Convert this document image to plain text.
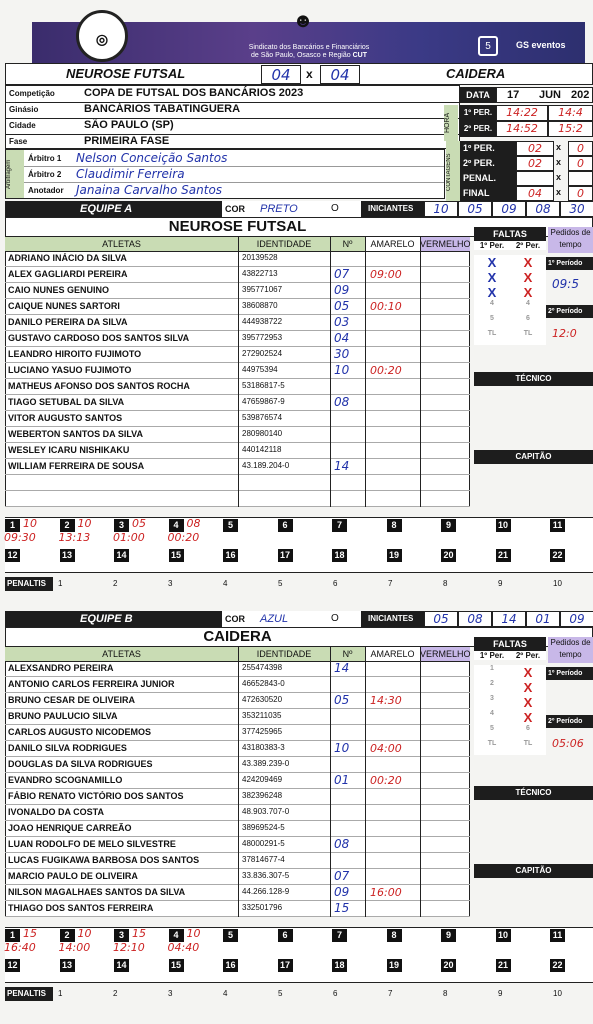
◎
☻
Sindicato dos Bancários e Financiários
de São Paulo, Osasco e Região CUT
5	GS eventos
NEUROSE FUTSAL	04	x	04	CAIDERA
Competição	COPA DE FUTSAL DOS BANCÁRIOS 2023
Ginásio	BANCÁRIOS TABATINGUERA
Cidade	SÃO PAULO (SP)
Fase	PRIMEIRA FASE
DATA	17 JUN 202
HORA
1º PER.	14:22	14:4
2º PER.	14:52	15:2
Arbitragem
Árbitro 1 Nelson Conceição Santos
Árbitro 2 Claudimir Ferreira
Anotador Janaina Carvalho Santos	CONTAGENS
1º PER.	02	x	0
2º PER.	02	x	0
PENAL.	x
FINAL	04	x	0
EQUIPE A	COR	PRETO	O	INICIANTES	10	05	09	08	30
NEUROSE FUTSAL
ATLETAS	IDENTIDADE	Nº	AMARELO VERMELHO
ADRIANO INÁCIO DA SILVA	20139528
ALEX GAGLIARDI PEREIRA	43822713	07 09:00
CAIO NUNES GENUINO	395771067	09
CAIQUE NUNES SARTORI	38608870	05 00:10
DANILO PEREIRA DA SILVA	444938722	03
GUSTAVO CARDOSO DOS SANTOS SILVA	395772953	04
LEANDRO HIROITO FUJIMOTO	272902524	30
LUCIANO YASUO FUJIMOTO	44975394	10 00:20
MATHEUS AFONSO DOS SANTOS ROCHA	53186817-5
TIAGO SETUBAL DA SILVA	47659867-9	08
VITOR AUGUSTO SANTOS	539876574
WEBERTON SANTOS DA SILVA	280980140
WESLEY ICARU NISHIKAKU	440142118
WILLIAM FERREIRA DE SOUSA	43.189.204-0	14
FALTAS
1º Per.	2º Per.
X	X
X	X
X	X
4	4
5	6
TL	TL
Pedidos de tempo
1º Período
09:5
2º Período
12:0
TÉCNICO
CAPITÃO
1 10
09:30
2 10
13:13
3 05
01:00
4 08
00:20
5	6	7	8	9	10	11
12	13	14	15	16	17	18	19	20	21	22
PENALTIS	1	2	3	4	5	6	7	8	9	10
EQUIPE B	COR	AZUL	O	INICIANTES	05	08	14	01	09
CAIDERA
ATLETAS	IDENTIDADE	Nº	AMARELO VERMELHO
ALEXSANDRO PEREIRA	255474398	14
ANTONIO CARLOS FERREIRA JUNIOR	46652843-0
BRUNO CESAR DE OLIVEIRA	472630520	05 14:30
BRUNO PAULUCIO SILVA	353211035
CARLOS AUGUSTO NICODEMOS	377425965
DANILO SILVA RODRIGUES	43180383-3	10 04:00
DOUGLAS DA SILVA RODRIGUES	43.389.239-0
EVANDRO SCOGNAMILLO	424209469	01 00:20
FÁBIO RENATO VICTÓRIO DOS SANTOS	382396248
IVONALDO DA COSTA	48.903.707-0
JOAO HENRIQUE CARREÃO	38969524-5
LUAN RODOLFO DE MELO SILVESTRE	48000291-5	08
LUCAS FUGIKAWA BARBOSA DOS SANTOS	37814677-4
MARCIO PAULO DE OLIVEIRA	33.836.307-5	07
NILSON MAGALHAES SANTOS DA SILVA	44.266.128-9	09 16:00
THIAGO DOS SANTOS FERREIRA	332501796	15
FALTAS
1º Per.	2º Per.
1	X
2	X
3	X
4	X
5	6
TL	TL
Pedidos de tempo
1º Período
2º Período
05:06
TÉCNICO
CAPITÃO
1 15
16:40
2 10
14:00
3 15
12:10
4 10
04:40
5	6	7	8	9	10	11
12	13	14	15	16	17	18	19	20	21	22
PENALTIS	1	2	3	4	5	6	7	8	9	10
